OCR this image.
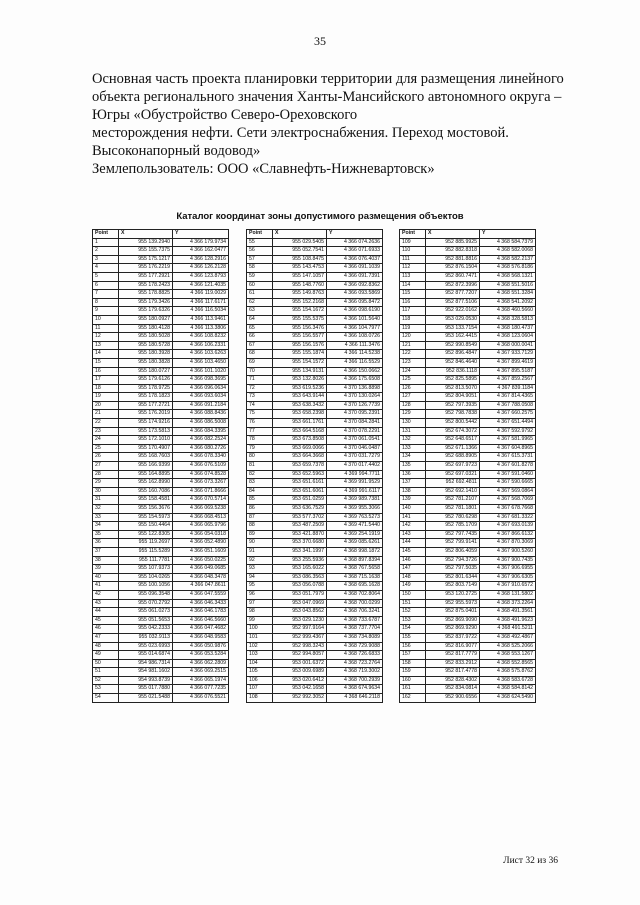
35
Основная часть проекта планировки территории для размещения линейного
объекта регионального значения Ханты-Мансийского автономного округа –
Югры «Обустройство Северо-Ореховского
месторождения нефти. Сети электроснабжения. Переход мостовой.
Высоконапорный водовод»
Землепользователь: ООО «Славнефть-Нижневартовск»
Каталог координат зоны допустимого размещения объектов
Point	X	Y
1	955 139.2940	4 366 179.9734
2	955 155.7375	4 366 162.0477
3	955 175.1217	4 366 128.2916
4	955 176.2219	4 366 126.2128
5	955 177.2921	4 366 123.8793
6	955 178.2423	4 366 121.4035
7	955 178.8825	4 366 119.0029
8	955 179.3426	4 366 117.6171
9	955 179.6326	4 366 116.5034
10	955 180.0927	4 366 113.9461
11	955 180.4128	4 366 113.3806
12	955 180.5028	4 366 108.8232
13	955 180.5728	4 366 106.2331
14	955 180.3928	4 366 103.6263
15	955 180.3828	4 366 103.4650
16	955 180.0727	4 366 101.1020
17	955 179.6126	4 366 098.3695
18	955 178.9725	4 366 096.0634
19	955 178.1823	4 366 093.6034
20	955 177.2721	4 366 091.2184
21	955 176.2019	4 366 088.8436
22	955 174.9216	4 366 086.5008
23	955 173.5813	4 366 084.3395
24	955 172.1010	4 366 082.2524
25	955 170.4907	4 366 080.2726
26	955 168.7603	4 366 078.3340
27	955 166.9399	4 366 076.5109
28	955 164.8895	4 366 074.8528
29	955 162.8990	4 366 073.3267
30	955 160.7086	4 366 071.8666
31	955 158.4581	4 366 070.5714
32	955 156.3676	4 366 069.5238
33	955 154.5973	4 366 068.4513
34	955 150.4464	4 366 065.9796
35	955 122.8305	4 366 054.0318
36	955 119.2697	4 366 052.4890
37	955 115.5289	4 366 051.1609
38	955 111.7781	4 366 050.0225
39	955 107.9373	4 366 049.0685
40	955 104.0265	4 366 048.3478
41	955 100.1056	4 366 047.8611
42	955 096.3548	4 366 047.5559
43	955 070.2792	4 366 046.3433
44	955 061.0273	4 366 046.1783
45	955 051.5653	4 366 046.5660
46	955 042.2333	4 366 047.4682
47	955 032.9113	4 366 048.9583
48	955 023.6993	4 366 050.9876
49	955 014.6874	4 366 053.5284
50	954 986.7314	4 366 062.2809
51	954 981.1602	4 366 069.2515
52	954 993.8739	4 366 065.1974
53	955 017.7880	4 366 077.7235
54	955 021.5488	4 366 076.5521
Point	X	Y
55	955 029.5405	4 366 074.2636
56	955 052.7541	4 366 071.6933
57	955 108.8475	4 366 076.4037
58	955 143.4753	4 366 091.1039
59	955 147.1057	4 366 091.7391
60	955 148.7760	4 366 092.8362
61	955 149.8763	4 366 093.5869
62	955 152.2168	4 366 095.8472
63	955 154.1672	4 366 098.6190
64	955 155.5375	4 366 101.5640
65	955 156.3476	4 366 104.7977
66	955 156.5577	4 366 108.0726
67	955 156.1576	4 366 111.3476
68	955 155.1874	4 366 114.5238
69	955 154.1572	4 366 116.5529
70	955 134.9131	4 366 150.0662
71	953 132.8026	4 366 175.6508
72	953 619.5236	4 370 136.8898
73	953 643.9144	4 370 130.0264
74	953 638.3432	4 370 126.7739
75	953 658.2398	4 370 095.2391
76	953 661.1761	4 370 084.2841
77	953 664.5168	4 370 078.2291
78	953 673.8508	4 370 061.0541
79	953 669.0066	4 370 046.0487
80	953 664.3668	4 370 031.7279
81	953 659.7378	4 370 017.4402
82	953 652.5963	4 369 994.7711
83	953 651.6161	4 369 991.9529
84	953 651.6061	4 369 991.6117
85	953 651.0259	4 369 989.7381
86	953 636.7529	4 369 955.3066
87	953 577.3702	4 369 763.5273
88	953 487.2509	4 369 471.5440
89	953 421.8870	4 369 254.1919
90	953 370.6680	4 369 085.6261
91	953 341.1997	4 368 998.1872
92	953 255.5936	4 368 897.8394
93	953 165.6022	4 368 767.5658
94	953 086.3563	4 368 715.1638
95	953 056.0788	4 368 695.1628
96	953 051.7979	4 368 702.8064
97	953 047.0969	4 368 700.0299
98	953 043.8562	4 368 706.3241
99	953 029.1230	4 368 733.6787
100	952 997.9164	4 368 737.7704
101	952 999.4367	4 368 734.8089
102	952 998.3243	4 368 729.9088
103	952 994.8057	4 368 726.6833
104	953 001.6372	4 368 723.2764
105	953 009.6989	4 368 719.3002
106	953 020.6412	4 368 700.2939
107	953 042.1658	4 368 674.9634
108	952 992.3052	4 368 646.2118
Point	X	Y
109	952 885.9925	4 368 584.7379
110	952 882.8318	4 368 582.0068
111	952 881.8816	4 368 582.2137
112	952 876.1504	4 368 576.8186
113	952 860.7471	4 368 568.1321
114	952 872.3996	4 368 551.5016
115	952 877.7207	4 368 551.3284
116	952 877.5106	4 368 541.2092
117	952 922.0162	4 368 460.5660
118	953 029.0530	4 368 328.5813
119	953 133.7154	4 368 180.4737
120	953 162.4415	4 368 123.0604
121	952 990.8549	4 368 000.0041
122	952 896.4847	4 367 933.7129
123	952 846.4640	4 367 899.4619
124	952 836.1118	4 367 895.5187
125	952 825.5895	4 367 859.2567
126	952 813.5070	4 367 839.1184
127	952 804.9051	4 367 814.4365
128	952 797.3935	4 367 788.0508
129	952 798.7838	4 367 660.2575
130	952 800.5442	4 367 651.4494
131	952 674.3072	4 367 592.9792
132	952 648.6517	4 367 581.9965
133	952 671.1366	4 367 604.8965
134	952 688.8905	4 367 615.3731
135	952 697.9723	4 367 601.8278
136	952 697.0321	4 367 591.0460
137	952 692.4811	4 367 590.6665
138	952 692.1410	4 367 569.0864
139	952 781.2107	4 367 568.7069
140	952 781.1801	4 367 678.7668
141	952 780.6298	4 367 681.3322
142	952 785.1709	4 367 693.0139
143	952 797.7435	4 367 866.6132
144	952 799.9141	4 367 870.3069
145	952 806.4059	4 367 900.5260
146	952 794.3726	4 367 900.7435
147	952 797.5035	4 367 906.6955
148	952 801.6344	4 367 906.6305
149	952 803.7149	4 367 910.6572
150	953 120.2725	4 368 131.5802
151	952 955.5973	4 368 373.2264
152	952 875.0401	4 368 491.3561
153	952 869.9090	4 368 491.9623
154	952 869.9290	4 368 491.5211
155	952 837.9722	4 368 492.4867
156	952 816.9077	4 368 525.2066
157	952 817.7779	4 368 553.1267
158	952 833.2912	4 368 552.8565
159	952 817.4778	4 368 575.8762
160	952 828.4302	4 368 583.6728
161	952 834.0814	4 368 584.8142
162	952 900.6556	4 368 624.5490
Лист 32 из 36
